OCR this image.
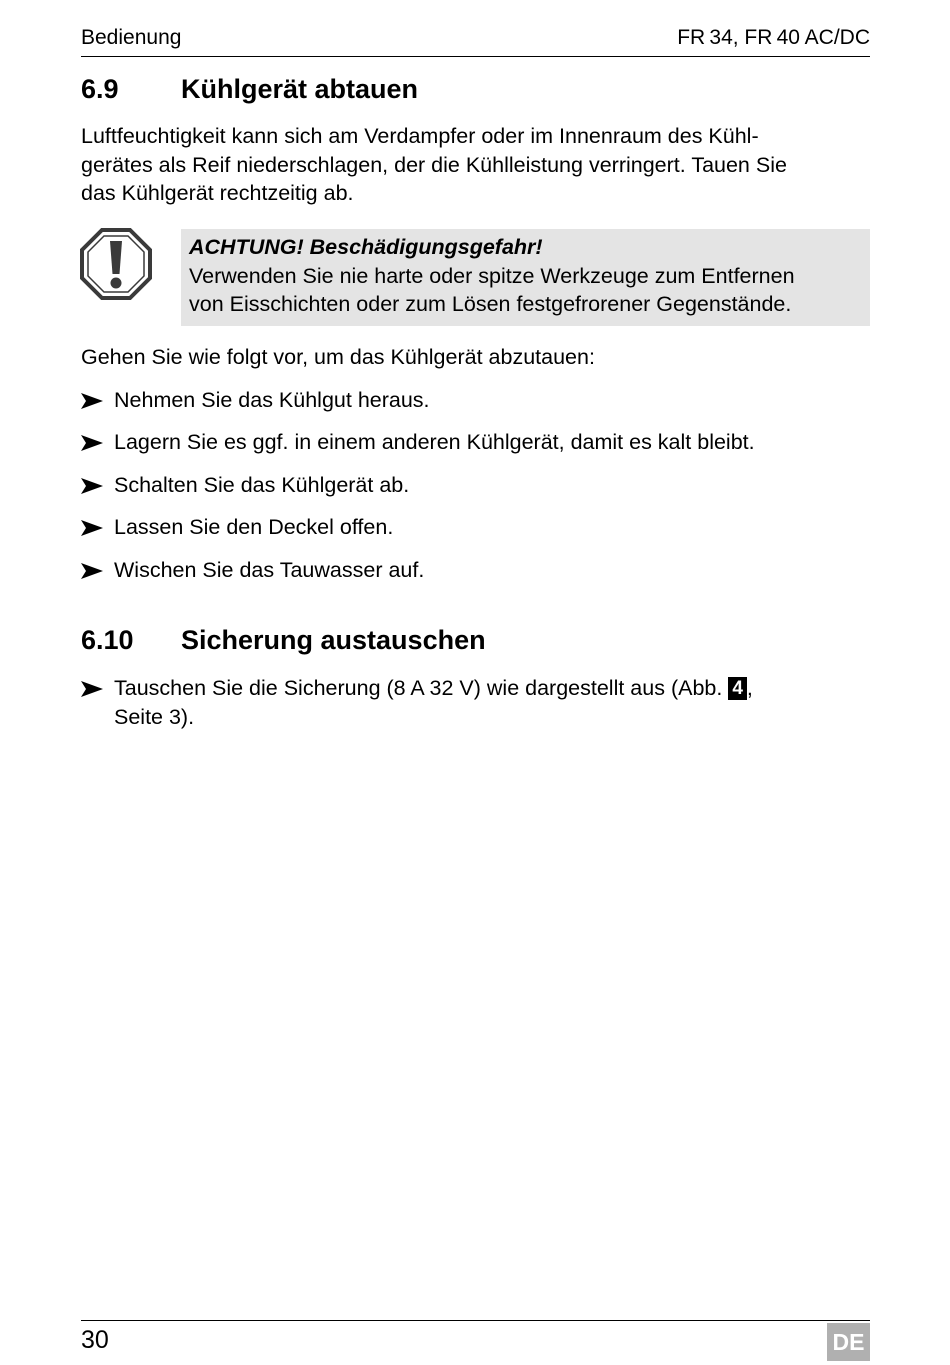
Bedienung	FR 34, FR 40 AC/DC
6.9 Kühlgerät abtauen
Luftfeuchtigkeit kann sich am Verdampfer oder im Innenraum des Kühl-
gerätes als Reif niederschlagen, der die Kühlleistung verringert. Tauen Sie
das Kühlgerät rechtzeitig ab.
ACHTUNG! Beschädigungsgefahr!
Verwenden Sie nie harte oder spitze Werkzeuge zum Entfernen
von Eisschichten oder zum Lösen festgefrorener Gegenstände.
Gehen Sie wie folgt vor, um das Kühlgerät abzutauen:
Nehmen Sie das Kühlgut heraus.
Lagern Sie es ggf. in einem anderen Kühlgerät, damit es kalt bleibt.
Schalten Sie das Kühlgerät ab.
Lassen Sie den Deckel offen.
Wischen Sie das Tauwasser auf.
6.10 Sicherung austauschen
Tauschen Sie die Sicherung (8 A 32 V) wie dargestellt aus (Abb. 4 ,
Seite 3).
30	DE
